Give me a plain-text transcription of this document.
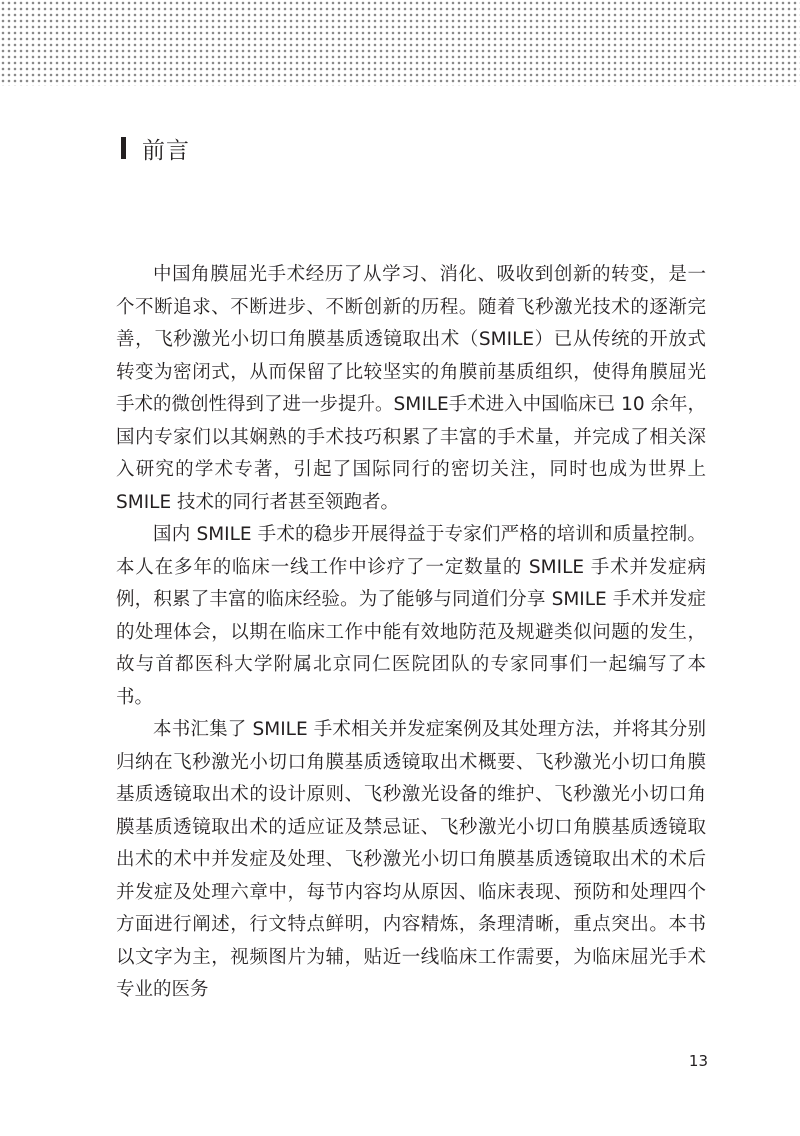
前言

中国角膜屈光手术经历了从学习、消化、吸收到创新的转变，是一个不断追求、不断进步、不断创新的历程。随着飞秒激光技术的逐渐完善，飞秒激光小切口角膜基质透镜取出术（SMILE）已从传统的开放式转变为密闭式，从而保留了比较坚实的角膜前基质组织，使得角膜屈光手术的微创性得到了进一步提升。SMILE手术进入中国临床已 10 余年，国内专家们以其娴熟的手术技巧积累了丰富的手术量，并完成了相关深入研究的学术专著，引起了国际同行的密切关注，同时也成为世界上 SMILE 技术的同行者甚至领跑者。

国内 SMILE 手术的稳步开展得益于专家们严格的培训和质量控制。本人在多年的临床一线工作中诊疗了一定数量的 SMILE 手术并发症病例，积累了丰富的临床经验。为了能够与同道们分享 SMILE 手术并发症的处理体会，以期在临床工作中能有效地防范及规避类似问题的发生，故与首都医科大学附属北京同仁医院团队的专家同事们一起编写了本书。

本书汇集了 SMILE 手术相关并发症案例及其处理方法，并将其分别归纳在飞秒激光小切口角膜基质透镜取出术概要、飞秒激光小切口角膜基质透镜取出术的设计原则、飞秒激光设备的维护、飞秒激光小切口角膜基质透镜取出术的适应证及禁忌证、飞秒激光小切口角膜基质透镜取出术的术中并发症及处理、飞秒激光小切口角膜基质透镜取出术的术后并发症及处理六章中，每节内容均从原因、临床表现、预防和处理四个方面进行阐述，行文特点鲜明，内容精炼，条理清晰，重点突出。本书以文字为主，视频图片为辅，贴近一线临床工作需要，为临床屈光手术专业的医务

13
